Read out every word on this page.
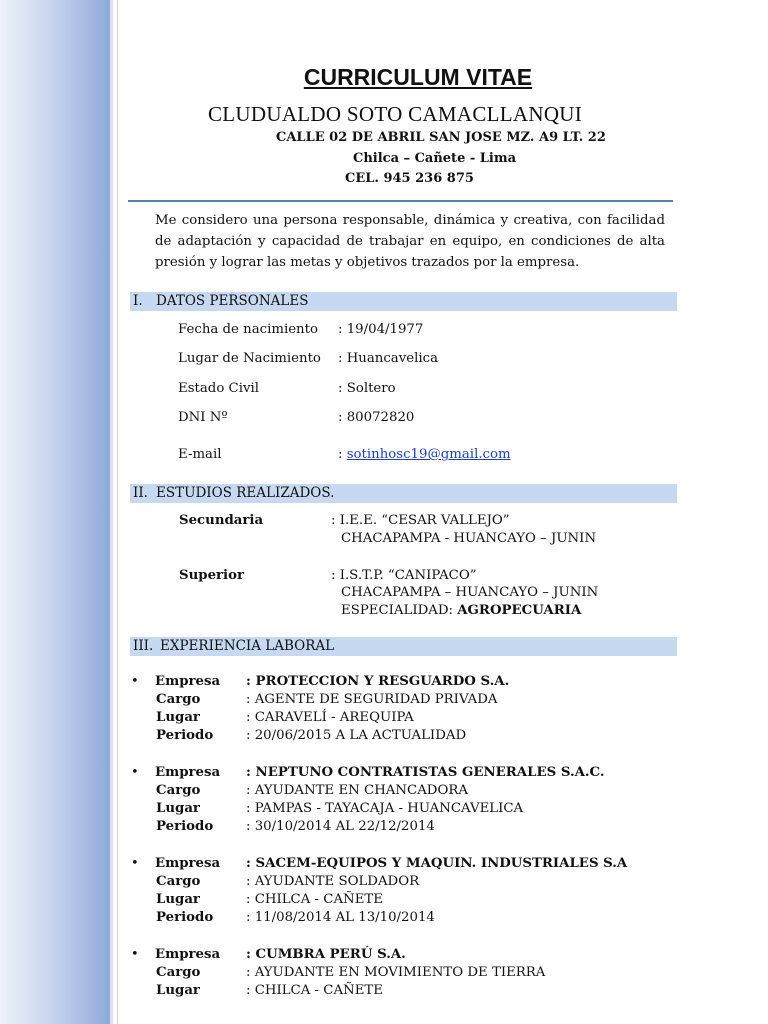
CURRICULUM VITAE
CLUDUALDO SOTO CAMACLLANQUI
CALLE 02 DE ABRIL SAN JOSE MZ. A9 LT. 22
Chilca – Cañete - Lima
CEL. 945 236 875
Me considero una persona responsable, dinámica y creativa, con facilidad de adaptación y capacidad de trabajar en equipo, en condiciones de alta presión y lograr las metas y objetivos trazados por la empresa.
I. DATOS PERSONALES
Fecha de nacimiento : 19/04/1977
Lugar de Nacimiento : Huancavelica
Estado Civil	: Soltero
DNI Nº	: 80072820
E-mail	: sotinhosc19@gmail.com
II. ESTUDIOS REALIZADOS.
Secundaria	: I.E.E. “CESAR VALLEJO”
CHACAPAMPA - HUANCAYO – JUNIN
Superior	: I.S.T.P. “CANIPACO”
CHACAPAMPA – HUANCAYO – JUNIN
ESPECIALIDAD: AGROPECUARIA
III. EXPERIENCIA LABORAL
• Empresa : PROTECCION Y RESGUARDO S.A.
Cargo	: AGENTE DE SEGURIDAD PRIVADA
Lugar	: CARAVELÍ - AREQUIPA
Periodo : 20/06/2015 A LA ACTUALIDAD
• Empresa : NEPTUNO CONTRATISTAS GENERALES S.A.C.
Cargo	: AYUDANTE EN CHANCADORA
Lugar	: PAMPAS - TAYACAJA - HUANCAVELICA
Periodo : 30/10/2014 AL 22/12/2014
• Empresa : SACEM-EQUIPOS Y MAQUIN. INDUSTRIALES S.A
Cargo	: AYUDANTE SOLDADOR
Lugar	: CHILCA - CAÑETE
Periodo : 11/08/2014 AL 13/10/2014
• Empresa : CUMBRA PERÚ S.A.
Cargo	: AYUDANTE EN MOVIMIENTO DE TIERRA
Lugar	: CHILCA - CAÑETE
